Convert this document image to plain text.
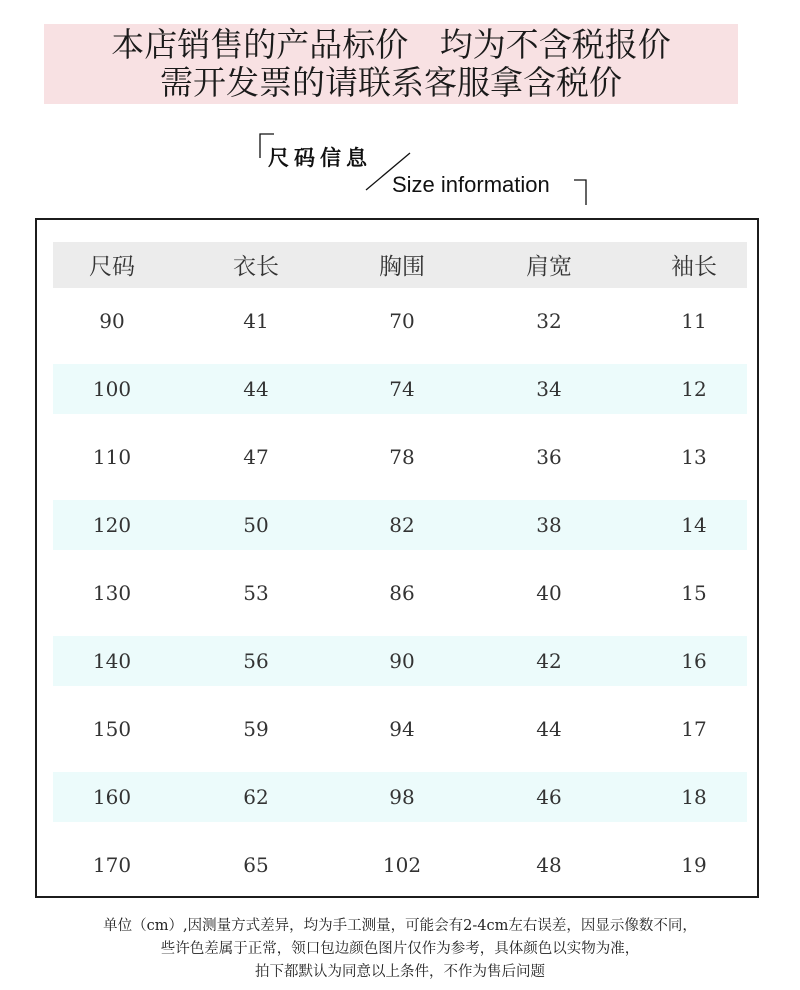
本店销售的产品标价   均为不含税报价
需开发票的请联系客服拿含税价
尺码信息
Size information
尺码	衣长	胸围	肩宽	袖长
90	41	70	32	11
100	44	74	34	12
110	47	78	36	13
120	50	82	38	14
130	53	86	40	15
140	56	90	42	16
150	59	94	44	17
160	62	98	46	18
170	65	102	48	19
单位（cm）,因测量方式差异，均为手工测量，可能会有2-4cm左右误差，因显示像数不同，
些许色差属于正常，领口包边颜色图片仅作为参考，具体颜色以实物为准，
拍下都默认为同意以上条件，不作为售后问题
